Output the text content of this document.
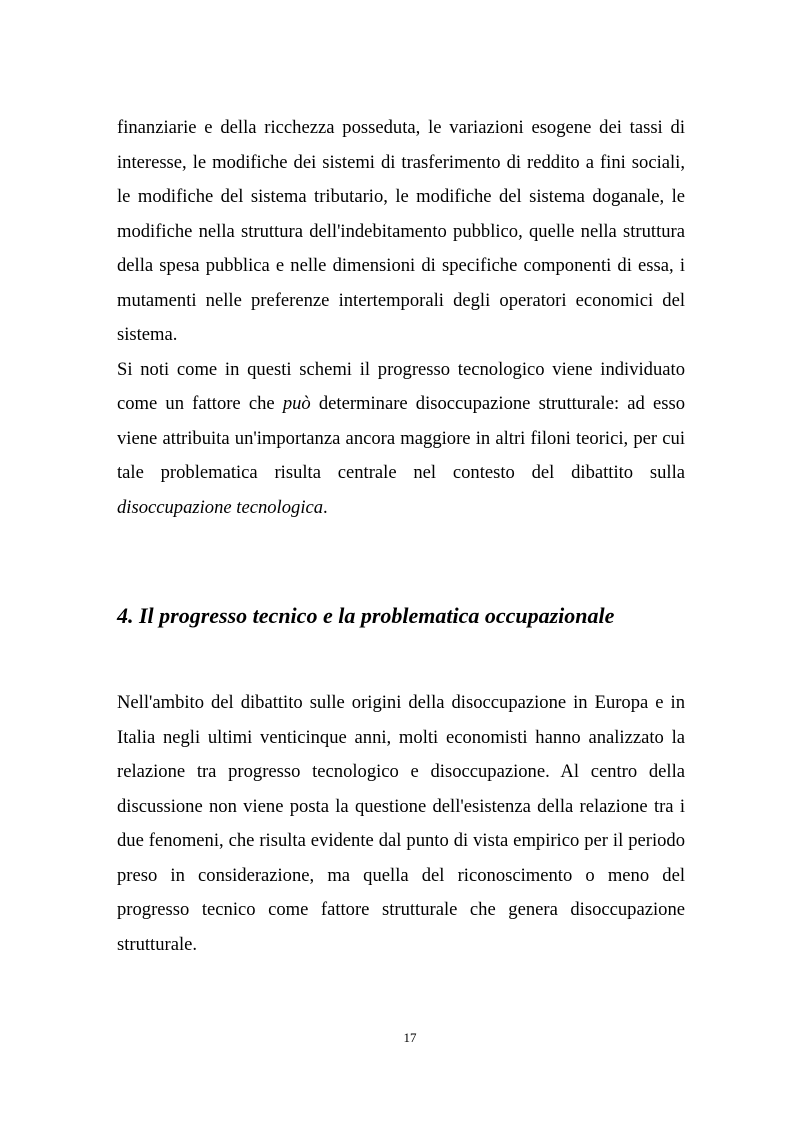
finanziarie e della ricchezza posseduta, le variazioni esogene dei tassi di interesse, le modifiche dei sistemi di trasferimento di reddito a fini sociali, le modifiche del sistema tributario, le modifiche del sistema doganale, le modifiche nella struttura dell'indebitamento pubblico, quelle nella struttura della spesa pubblica e nelle dimensioni di specifiche componenti di essa, i mutamenti nelle preferenze intertemporali degli operatori economici del sistema.

Si noti come in questi schemi il progresso tecnologico viene individuato come un fattore che può determinare disoccupazione strutturale: ad esso viene attribuita un'importanza ancora maggiore in altri filoni teorici, per cui tale problematica risulta centrale nel contesto del dibattito sulla disoccupazione tecnologica.

4. Il progresso tecnico e la problematica occupazionale

Nell'ambito del dibattito sulle origini della disoccupazione in Europa e in Italia negli ultimi venticinque anni, molti economisti hanno analizzato la relazione tra progresso tecnologico e disoccupazione. Al centro della discussione non viene posta la questione dell'esistenza della relazione tra i due fenomeni, che risulta evidente dal punto di vista empirico per il periodo preso in considerazione, ma quella del riconoscimento o meno del progresso tecnico come fattore strutturale che genera disoccupazione strutturale.

17
